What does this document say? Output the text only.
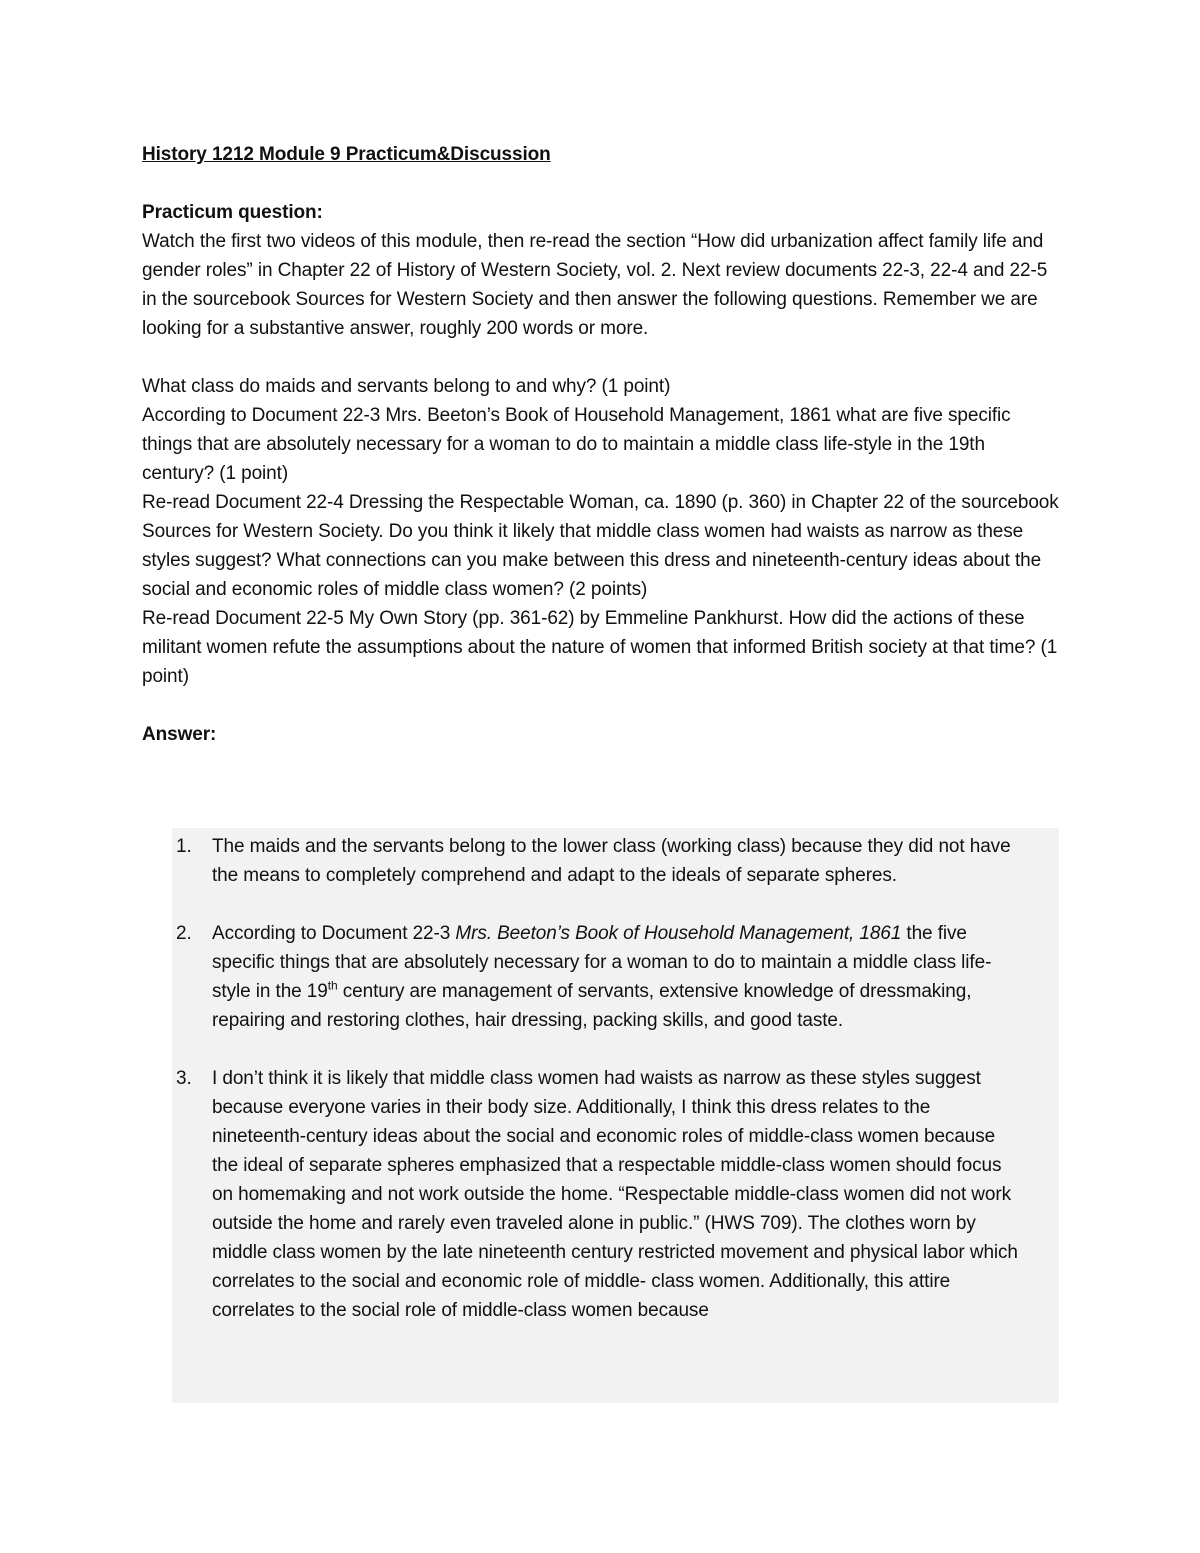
History 1212 Module 9 Practicum&Discussion

Practicum question:

Watch the first two videos of this module, then re-read the section “How did urbanization affect family life and gender roles” in Chapter 22 of History of Western Society, vol. 2. Next review documents 22-3, 22-4 and 22-5 in the sourcebook Sources for Western Society and then answer the following questions. Remember we are looking for a substantive answer, roughly 200 words or more.

What class do maids and servants belong to and why? (1 point)

According to Document 22-3 Mrs. Beeton’s Book of Household Management, 1861 what are five specific things that are absolutely necessary for a woman to do to maintain a middle class life-style in the 19th century? (1 point)

Re-read Document 22-4 Dressing the Respectable Woman, ca. 1890 (p. 360) in Chapter 22 of the sourcebook Sources for Western Society. Do you think it likely that middle class women had waists as narrow as these styles suggest? What connections can you make between this dress and nineteenth-century ideas about the social and economic roles of middle class women? (2 points)

Re-read Document 22-5 My Own Story (pp. 361-62) by Emmeline Pankhurst. How did the actions of these militant women refute the assumptions about the nature of women that informed British society at that time? (1 point)

Answer:

1. The maids and the servants belong to the lower class (working class) because they did not have the means to completely comprehend and adapt to the ideals of separate spheres.
2. According to Document 22-3 Mrs. Beeton’s Book of Household Management, 1861 the five specific things that are absolutely necessary for a woman to do to maintain a middle class life-style in the 19th century are management of servants, extensive knowledge of dressmaking, repairing and restoring clothes, hair dressing, packing skills, and good taste.
3. I don’t think it is likely that middle class women had waists as narrow as these styles suggest because everyone varies in their body size. Additionally, I think this dress relates to the nineteenth-century ideas about the social and economic roles of middle-class women because the ideal of separate spheres emphasized that a respectable middle-class women should focus on homemaking and not work outside the home. “Respectable middle-class women did not work outside the home and rarely even traveled alone in public.” (HWS 709). The clothes worn by middle class women by the late nineteenth century restricted movement and physical labor which correlates to the social and economic role of middle- class women. Additionally, this attire correlates to the social role of middle-class women because
